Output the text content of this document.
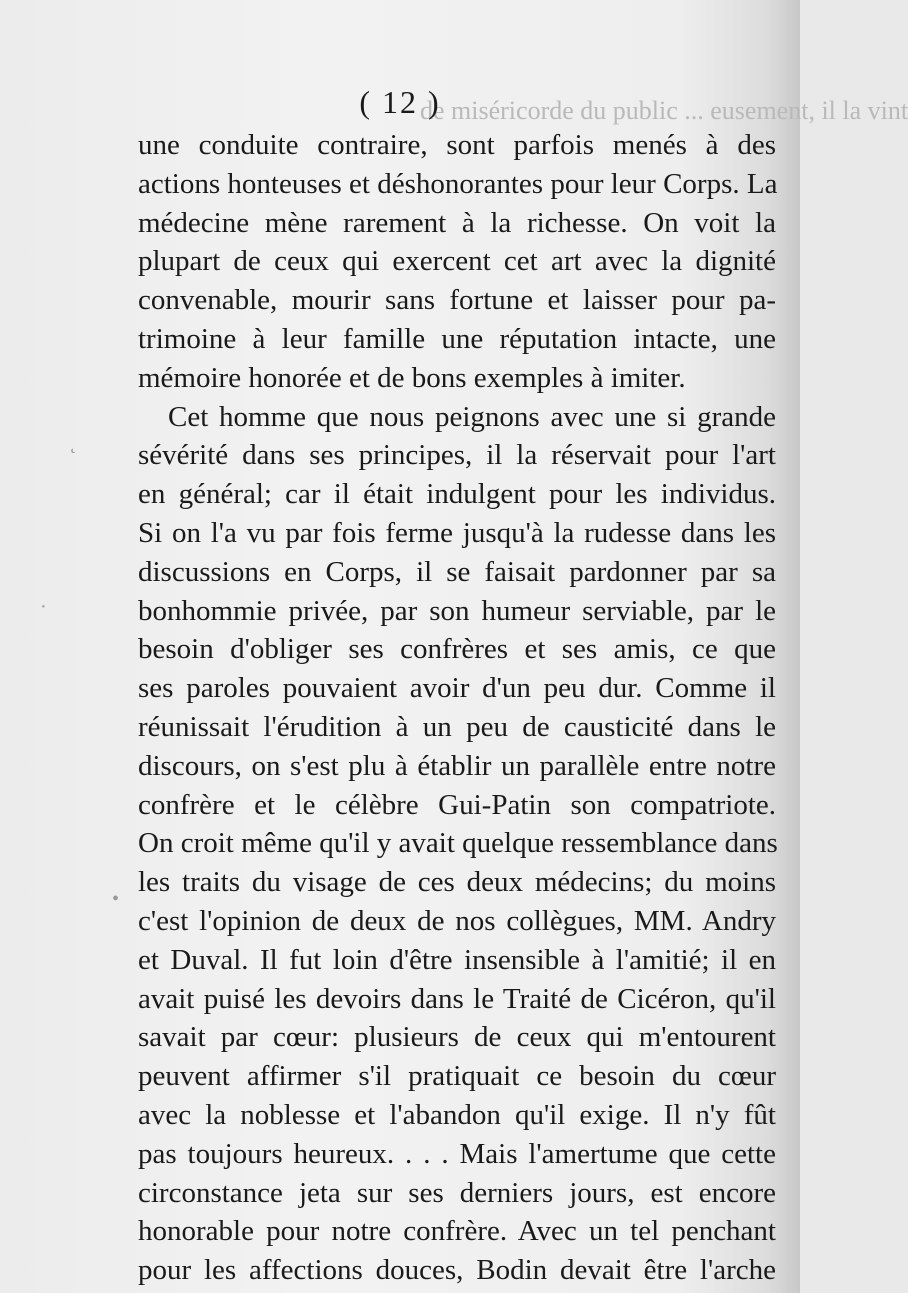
de miséricorde du public ... eusement, il la vint
( 12 )
˛
·
•
une conduite contraire, sont parfois menés à des
actions honteuses et déshonorantes pour leur Corps. La
médecine mène rarement à la richesse. On voit la
plupart de ceux qui exercent cet art avec la dignité
convenable, mourir sans fortune et laisser pour pa-
trimoine à leur famille une réputation intacte, une
mémoire honorée et de bons exemples à imiter.
Cet homme que nous peignons avec une si grande
sévérité dans ses principes, il la réservait pour l'art
en général; car il était indulgent pour les individus.
Si on l'a vu par fois ferme jusqu'à la rudesse dans les
discussions en Corps, il se faisait pardonner par sa
bonhommie privée, par son humeur serviable, par le
besoin d'obliger ses confrères et ses amis, ce que
ses paroles pouvaient avoir d'un peu dur. Comme il
réunissait l'érudition à un peu de causticité dans le
discours, on s'est plu à établir un parallèle entre notre
confrère et le célèbre Gui-Patin son compatriote.
On croit même qu'il y avait quelque ressemblance dans
les traits du visage de ces deux médecins; du moins
c'est l'opinion de deux de nos collègues, MM. Andry
et Duval. Il fut loin d'être insensible à l'amitié; il en
avait puisé les devoirs dans le Traité de Cicéron, qu'il
savait par cœur: plusieurs de ceux qui m'entourent
peuvent affirmer s'il pratiquait ce besoin du cœur
avec la noblesse et l'abandon qu'il exige. Il n'y fût
pas toujours heureux. . . . Mais l'amertume que cette
circonstance jeta sur ses derniers jours, est encore
honorable pour notre confrère. Avec un tel penchant
pour les affections douces, Bodin devait être l'arche
